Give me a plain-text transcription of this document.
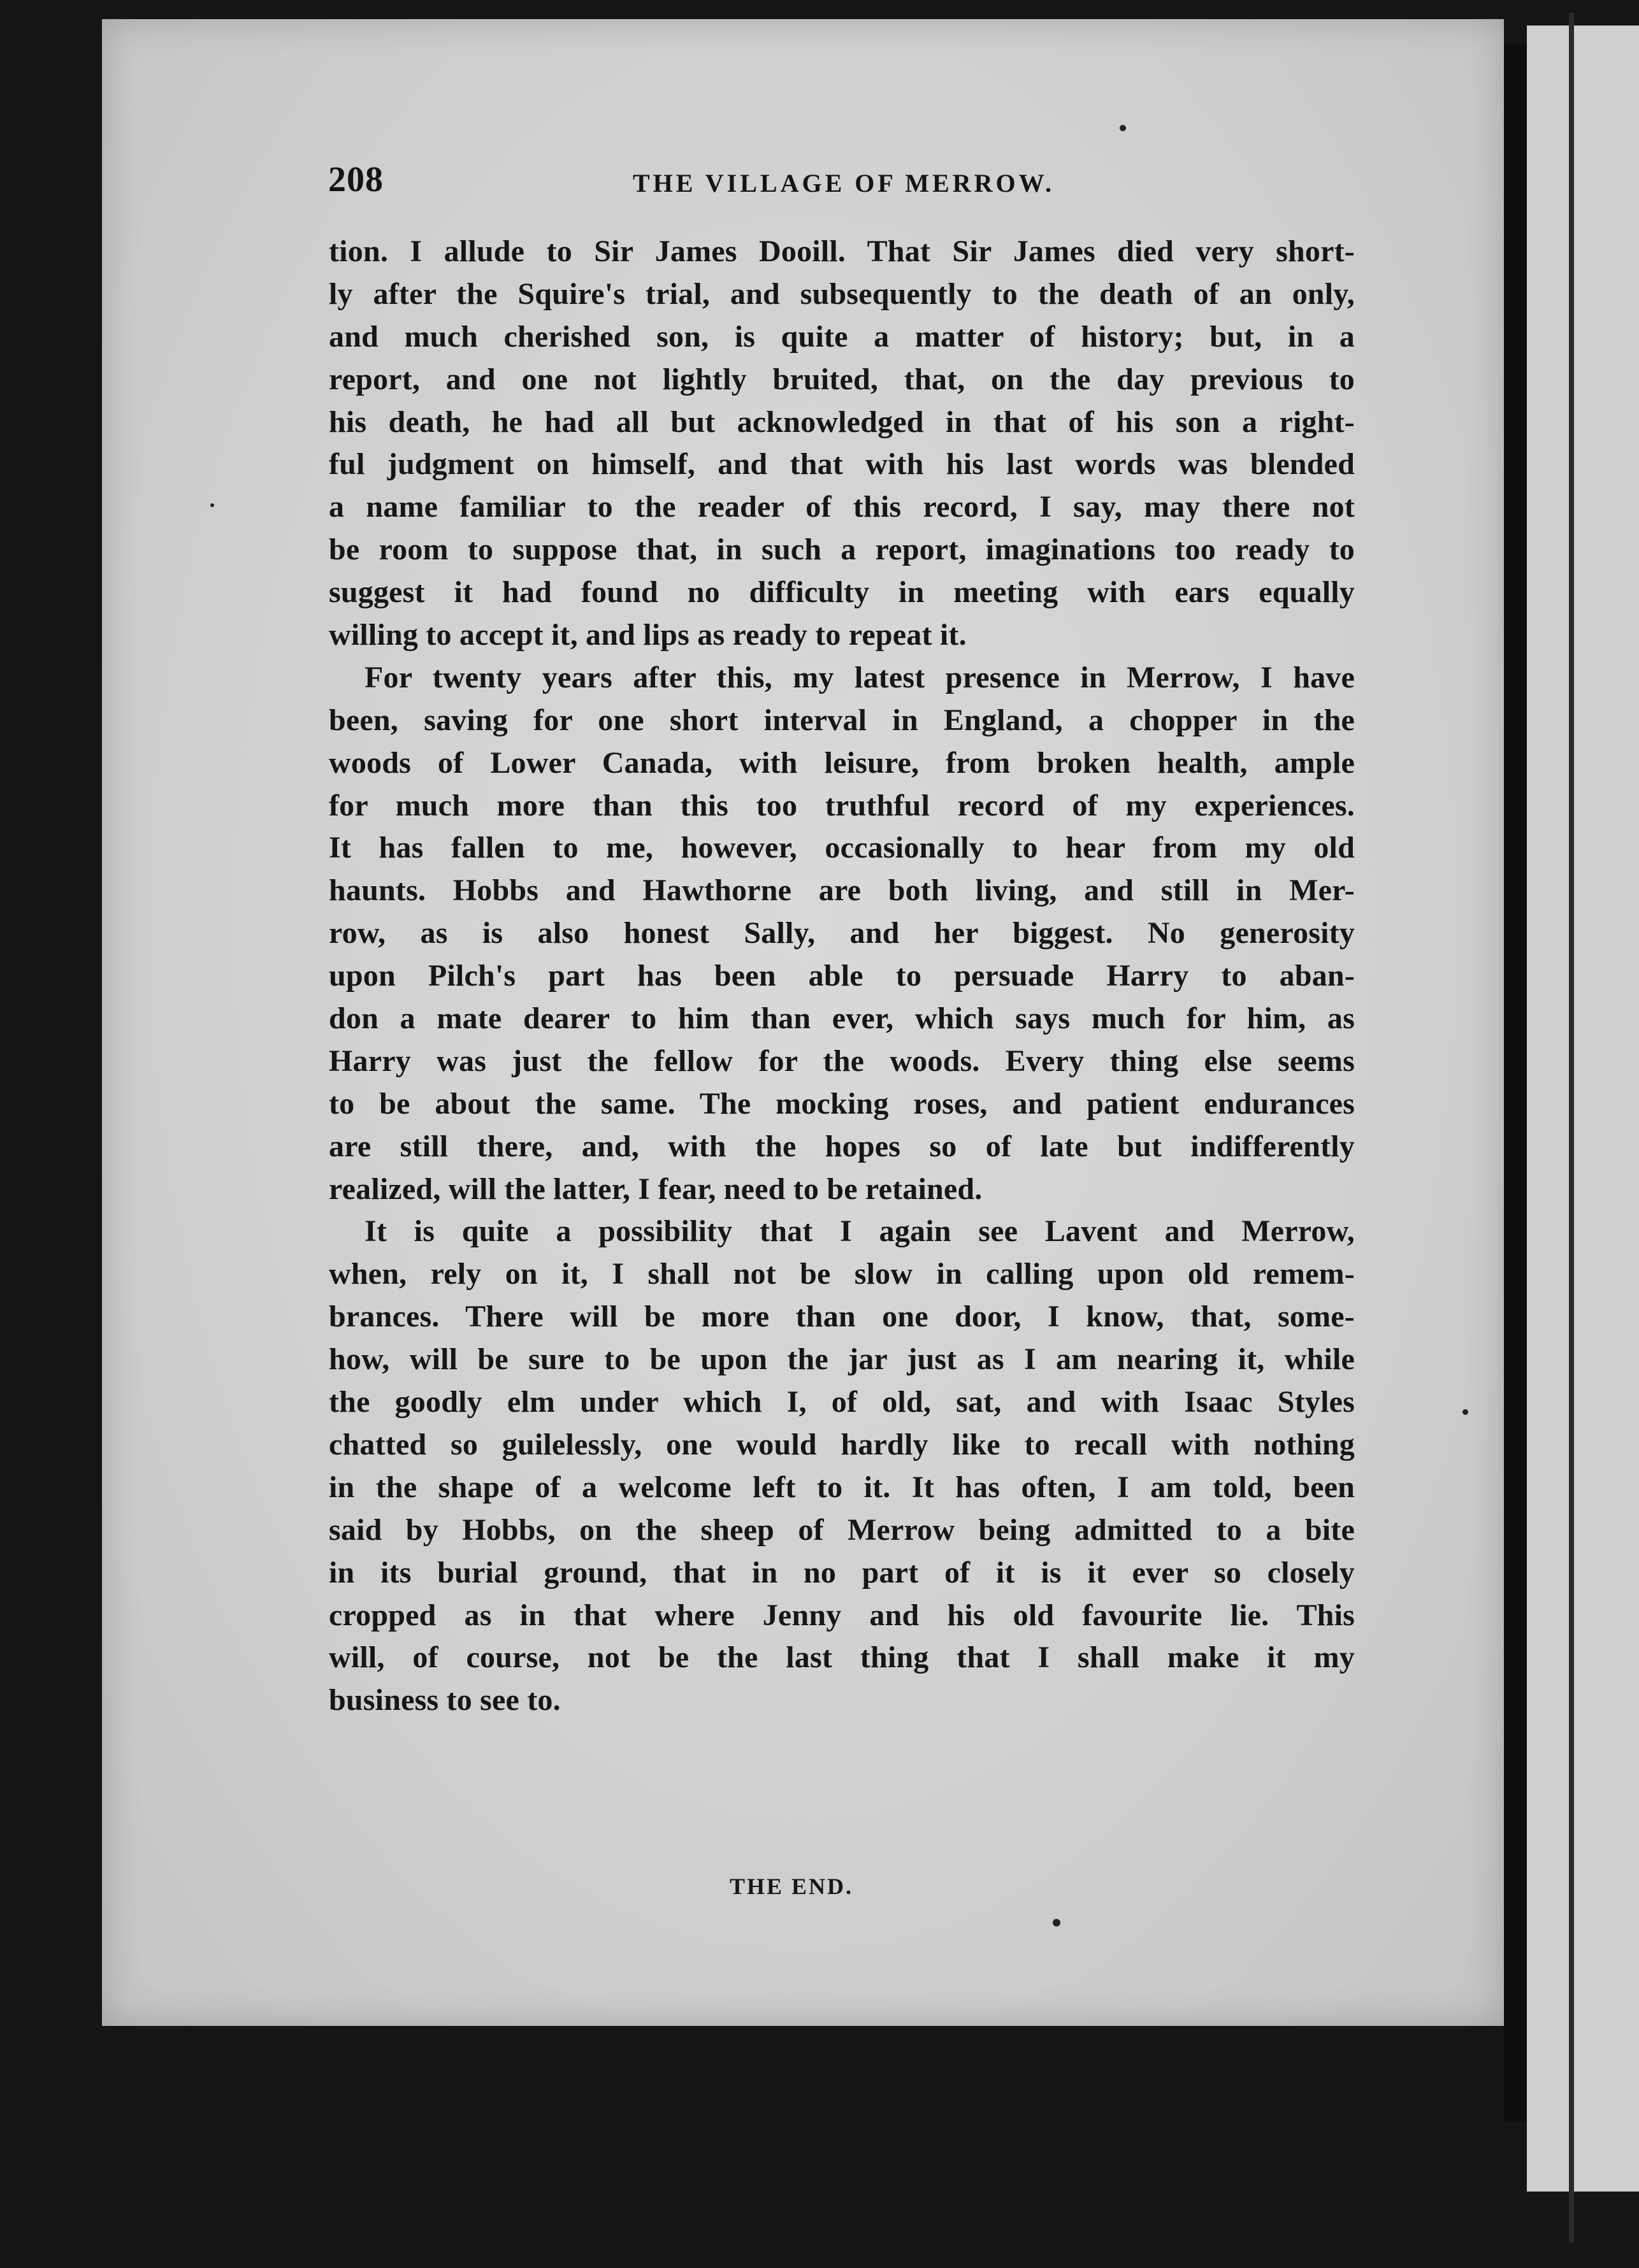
208	THE VILLAGE OF MERROW.
tion. I allude to Sir James Dooill. That Sir James died very short-
ly after the Squire's trial, and subsequently to the death of an only,
and much cherished son, is quite a matter of history; but, in a
report, and one not lightly bruited, that, on the day previous to
his death, he had all but acknowledged in that of his son a right-
ful judgment on himself, and that with his last words was blended
a name familiar to the reader of this record, I say, may there not
be room to suppose that, in such a report, imaginations too ready to
suggest it had found no difficulty in meeting with ears equally
willing to accept it, and lips as ready to repeat it.
For twenty years after this, my latest presence in Merrow, I have
been, saving for one short interval in England, a chopper in the
woods of Lower Canada, with leisure, from broken health, ample
for much more than this too truthful record of my experiences.
It has fallen to me, however, occasionally to hear from my old
haunts. Hobbs and Hawthorne are both living, and still in Mer-
row, as is also honest Sally, and her biggest. No generosity
upon Pilch's part has been able to persuade Harry to aban-
don a mate dearer to him than ever, which says much for him, as
Harry was just the fellow for the woods. Every thing else seems
to be about the same. The mocking roses, and patient endurances
are still there, and, with the hopes so of late but indifferently
realized, will the latter, I fear, need to be retained.
It is quite a possibility that I again see Lavent and Merrow,
when, rely on it, I shall not be slow in calling upon old remem-
brances. There will be more than one door, I know, that, some-
how, will be sure to be upon the jar just as I am nearing it, while
the goodly elm under which I, of old, sat, and with Isaac Styles
chatted so guilelessly, one would hardly like to recall with nothing
in the shape of a welcome left to it. It has often, I am told, been
said by Hobbs, on the sheep of Merrow being admitted to a bite
in its burial ground, that in no part of it is it ever so closely
cropped as in that where Jenny and his old favourite lie. This
will, of course, not be the last thing that I shall make it my
business to see to.
THE END.
